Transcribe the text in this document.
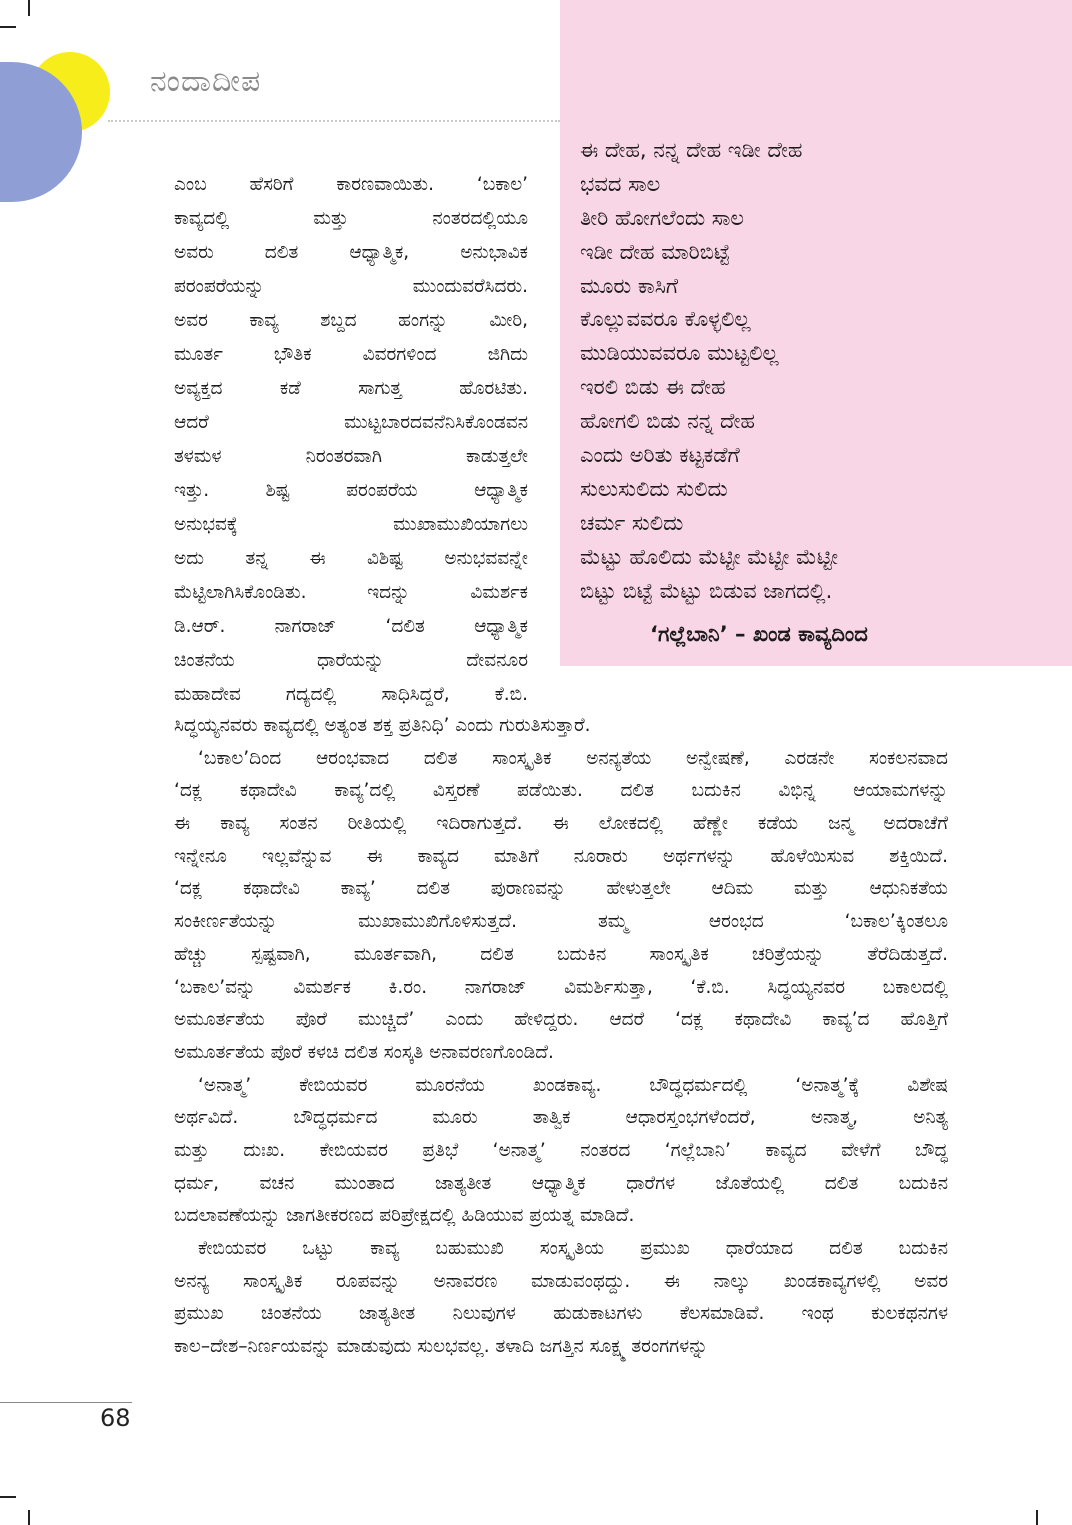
ನಂದಾದೀಪ
ಈ ದೇಹ, ನನ್ನ ದೇಹ ಇಡೀ ದೇಹ
ಭವದ ಸಾಲ
ತೀರಿ ಹೋಗಲೆಂದು ಸಾಲ
ಇಡೀ ದೇಹ ಮಾರಿಬಿಟ್ಟೆ
ಮೂರು ಕಾಸಿಗೆ
ಕೊಲ್ಲುವವರೂ ಕೊಳ್ಳಲಿಲ್ಲ
ಮುಡಿಯುವವರೂ ಮುಟ್ಟಲಿಲ್ಲ
ಇರಲಿ ಬಿಡು ಈ ದೇಹ
ಹೋಗಲಿ ಬಿಡು ನನ್ನ ದೇಹ
ಎಂದು ಅರಿತು ಕಟ್ಟಕಡೆಗೆ
ಸುಲುಸುಲಿದು ಸುಲಿದು
ಚರ್ಮ ಸುಲಿದು
ಮೆಟ್ಟು ಹೊಲಿದು ಮೆಟ್ಟೀ ಮೆಟ್ಟೀ ಮೆಟ್ಟೀ
ಬಿಟ್ಟು ಬಿಟ್ಟೆ ಮೆಟ್ಟು ಬಿಡುವ ಜಾಗದಲ್ಲಿ.
‘ಗಲ್ಲೆಬಾನಿ’ – ಖಂಡ ಕಾವ್ಯದಿಂದ
ಎಂಬ ಹೆಸರಿಗೆ ಕಾರಣವಾಯಿತು. ‘ಬಕಾಲ’
ಕಾವ್ಯದಲ್ಲಿ ಮತ್ತು ನಂತರದಲ್ಲಿಯೂ
ಅವರು ದಲಿತ ಆಧ್ಯಾತ್ಮಿಕ, ಅನುಭಾವಿಕ
ಪರಂಪರೆಯನ್ನು ಮುಂದುವರೆಸಿದರು.
ಅವರ ಕಾವ್ಯ ಶಬ್ದದ ಹಂಗನ್ನು ಮೀರಿ,
ಮೂರ್ತ ಭೌತಿಕ ವಿವರಗಳಿಂದ ಜಿಗಿದು
ಅವ್ಯಕ್ತದ ಕಡೆ ಸಾಗುತ್ತ ಹೊರಟಿತು.
ಆದರೆ ಮುಟ್ಟಬಾರದವನೆನಿಸಿಕೊಂಡವನ
ತಳಮಳ ನಿರಂತರವಾಗಿ ಕಾಡುತ್ತಲೇ
ಇತ್ತು. ಶಿಷ್ಟ ಪರಂಪರೆಯ ಆಧ್ಯಾತ್ಮಿಕ
ಅನುಭವಕ್ಕೆ ಮುಖಾಮುಖಿಯಾಗಲು
ಅದು ತನ್ನ ಈ ವಿಶಿಷ್ಟ ಅನುಭವವನ್ನೇ
ಮೆಟ್ಟಿಲಾಗಿಸಿಕೊಂಡಿತು. ಇದನ್ನು ವಿಮರ್ಶಕ
ಡಿ.ಆರ್. ನಾಗರಾಜ್ ‘ದಲಿತ ಆಧ್ಯಾತ್ಮಿಕ
ಚಿಂತನೆಯ ಧಾರೆಯನ್ನು ದೇವನೂರ
ಮಹಾದೇವ ಗದ್ಯದಲ್ಲಿ ಸಾಧಿಸಿದ್ದರೆ, ಕೆ.ಬಿ.
ಸಿದ್ಧಯ್ಯನವರು ಕಾವ್ಯದಲ್ಲಿ ಅತ್ಯಂತ ಶಕ್ತ ಪ್ರತಿನಿಧಿ’ ಎಂದು ಗುರುತಿಸುತ್ತಾರೆ.
‘ಬಕಾಲ’ದಿಂದ ಆರಂಭವಾದ ದಲಿತ ಸಾಂಸ್ಕೃತಿಕ ಅನನ್ಯತೆಯ ಅನ್ವೇಷಣೆ, ಎರಡನೇ ಸಂಕಲನವಾದ
‘ದಕ್ಲ ಕಥಾದೇವಿ ಕಾವ್ಯ’ದಲ್ಲಿ ವಿಸ್ತರಣೆ ಪಡೆಯಿತು. ದಲಿತ ಬದುಕಿನ ವಿಭಿನ್ನ ಆಯಾಮಗಳನ್ನು
ಈ ಕಾವ್ಯ ಸಂತನ ರೀತಿಯಲ್ಲಿ ಇದಿರಾಗುತ್ತದೆ. ಈ ಲೋಕದಲ್ಲಿ ಹೆಣ್ಣೇ ಕಡೆಯ ಜನ್ಮ ಅದರಾಚೆಗೆ
ಇನ್ನೇನೂ ಇಲ್ಲವೆನ್ನುವ ಈ ಕಾವ್ಯದ ಮಾತಿಗೆ ನೂರಾರು ಅರ್ಥಗಳನ್ನು ಹೊಳೆಯಿಸುವ ಶಕ್ತಿಯಿದೆ.
‘ದಕ್ಲ ಕಥಾದೇವಿ ಕಾವ್ಯ’ ದಲಿತ ಪುರಾಣವನ್ನು ಹೇಳುತ್ತಲೇ ಆದಿಮ ಮತ್ತು ಆಧುನಿಕತೆಯ
ಸಂಕೀರ್ಣತೆಯನ್ನು ಮುಖಾಮುಖಿಗೊಳಿಸುತ್ತದೆ. ತಮ್ಮ ಆರಂಭದ ‘ಬಕಾಲ’ಕ್ಕಿಂತಲೂ
ಹೆಚ್ಚು ಸ್ಪಷ್ಟವಾಗಿ, ಮೂರ್ತವಾಗಿ, ದಲಿತ ಬದುಕಿನ ಸಾಂಸ್ಕೃತಿಕ ಚರಿತ್ರೆಯನ್ನು ತೆರೆದಿಡುತ್ತದೆ.
‘ಬಕಾಲ’ವನ್ನು ವಿಮರ್ಶಕ ಕಿ.ರಂ. ನಾಗರಾಜ್ ವಿಮರ್ಶಿಸುತ್ತಾ, ‘ಕೆ.ಬಿ. ಸಿದ್ಧಯ್ಯನವರ ಬಕಾಲದಲ್ಲಿ
ಅಮೂರ್ತತೆಯ ಪೊರೆ ಮುಚ್ಚಿದೆ’ ಎಂದು ಹೇಳಿದ್ದರು. ಆದರೆ ‘ದಕ್ಲ ಕಥಾದೇವಿ ಕಾವ್ಯ’ದ ಹೊತ್ತಿಗೆ
ಅಮೂರ್ತತೆಯ ಪೊರೆ ಕಳಚಿ ದಲಿತ ಸಂಸ್ಕತಿ ಅನಾವರಣಗೊಂಡಿದೆ.
‘ಅನಾತ್ಮ’ ಕೇಬಿಯವರ ಮೂರನೆಯ ಖಂಡಕಾವ್ಯ. ಬೌದ್ಧಧರ್ಮದಲ್ಲಿ ‘ಅನಾತ್ಮ’ಕ್ಕೆ ವಿಶೇಷ
ಅರ್ಥವಿದೆ. ಬೌದ್ಧಧರ್ಮದ ಮೂರು ತಾತ್ವಿಕ ಆಧಾರಸ್ತಂಭಗಳೆಂದರೆ, ಅನಾತ್ಮ, ಅನಿತ್ಯ
ಮತ್ತು ದುಃಖ. ಕೇಬಿಯವರ ಪ್ರತಿಭೆ ‘ಅನಾತ್ಮ’ ನಂತರದ ‘ಗಲ್ಲೆಬಾನಿ’ ಕಾವ್ಯದ ವೇಳೆಗೆ ಬೌದ್ಧ
ಧರ್ಮ, ವಚನ ಮುಂತಾದ ಜಾತ್ಯತೀತ ಆಧ್ಯಾತ್ಮಿಕ ಧಾರೆಗಳ ಜೊತೆಯಲ್ಲಿ ದಲಿತ ಬದುಕಿನ
ಬದಲಾವಣೆಯನ್ನು ಜಾಗತೀಕರಣದ ಪರಿಪ್ರೇಕ್ಷದಲ್ಲಿ ಹಿಡಿಯುವ ಪ್ರಯತ್ನ ಮಾಡಿದೆ.
ಕೇಬಿಯವರ ಒಟ್ಟು ಕಾವ್ಯ ಬಹುಮುಖಿ ಸಂಸ್ಕೃತಿಯ ಪ್ರಮುಖ ಧಾರೆಯಾದ ದಲಿತ ಬದುಕಿನ
ಅನನ್ಯ ಸಾಂಸ್ಕೃತಿಕ ರೂಪವನ್ನು ಅನಾವರಣ ಮಾಡುವಂಥದ್ದು. ಈ ನಾಲ್ಕು ಖಂಡಕಾವ್ಯಗಳಲ್ಲಿ ಅವರ
ಪ್ರಮುಖ ಚಿಂತನೆಯ ಜಾತ್ಯತೀತ ನಿಲುವುಗಳ ಹುಡುಕಾಟಗಳು ಕೆಲಸಮಾಡಿವೆ. ಇಂಥ ಕುಲಕಥನಗಳ
ಕಾಲ–ದೇಶ–ನಿರ್ಣಯವನ್ನು ಮಾಡುವುದು ಸುಲಭವಲ್ಲ. ತಳಾದಿ ಜಗತ್ತಿನ ಸೂಕ್ಷ್ಮ ತರಂಗಗಳನ್ನು
68
